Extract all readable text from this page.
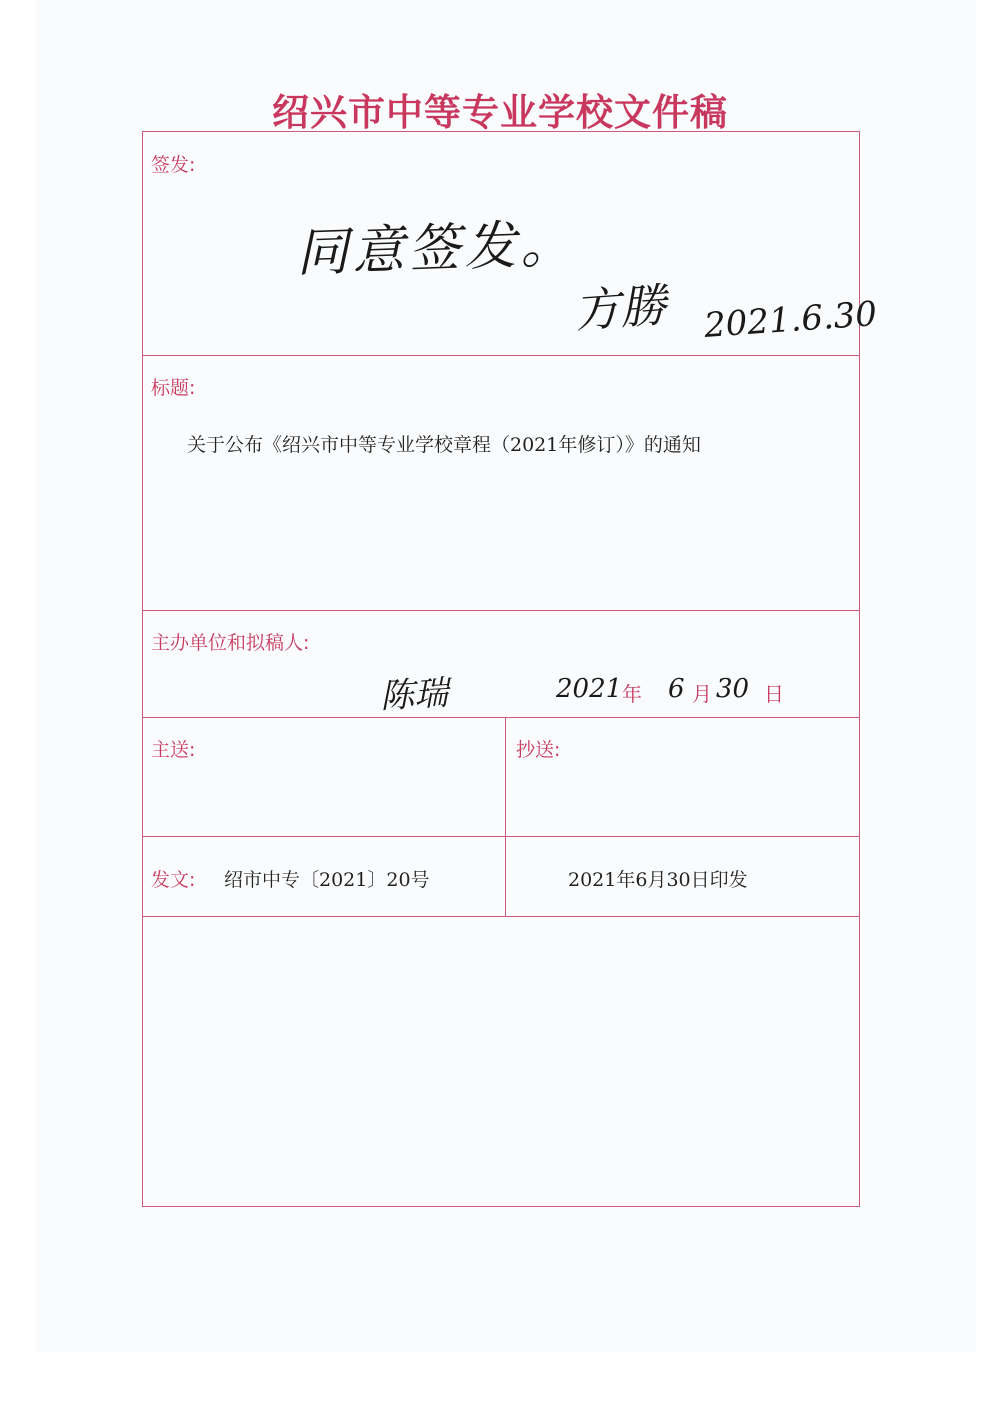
绍兴市中等专业学校文件稿
签发:
同意签发。
方勝 2021.6.30
标题:
关于公布《绍兴市中等专业学校章程（2021年修订）》的通知
主办单位和拟稿人:
陈瑞	2021 年 6 月 30 日
主送:	抄送:
发文: 绍市中专〔2021〕20号	2021年6月30日印发
